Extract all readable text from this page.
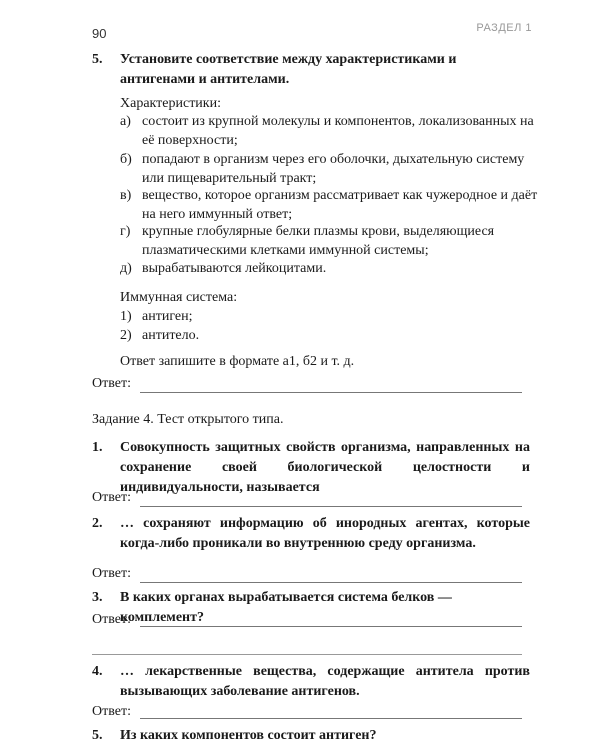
90	РАЗДЕЛ 1
5. Установите соответствие между характеристиками и антигенами и антителами.
Характеристики:
а) состоит из крупной молекулы и компонентов, локализованных на её поверхности;
б) попадают в организм через его оболочки, дыхательную систему или пищеварительный тракт;
в) вещество, которое организм рассматривает как чужеродное и даёт на него иммунный ответ;
г) крупные глобулярные белки плазмы крови, выделяющиеся плазматическими клетками иммунной системы;
д) вырабатываются лейкоцитами.
Иммунная система:
1) антиген;
2) антитело.
Ответ запишите в формате а1, б2 и т. д.
Ответ:
Задание 4. Тест открытого типа.
1. Совокупность защитных свойств организма, направленных на сохранение своей биологической целостности и индивидуальности, называется
Ответ:
2. … сохраняют информацию об инородных агентах, которые когда-либо проникали во внутреннюю среду организма.
Ответ:
3. В каких органах вырабатывается система белков — комплемент?
Ответ:
4. … лекарственные вещества, содержащие антитела против вызывающих заболевание антигенов.
Ответ:
5. Из каких компонентов состоит антиген?
